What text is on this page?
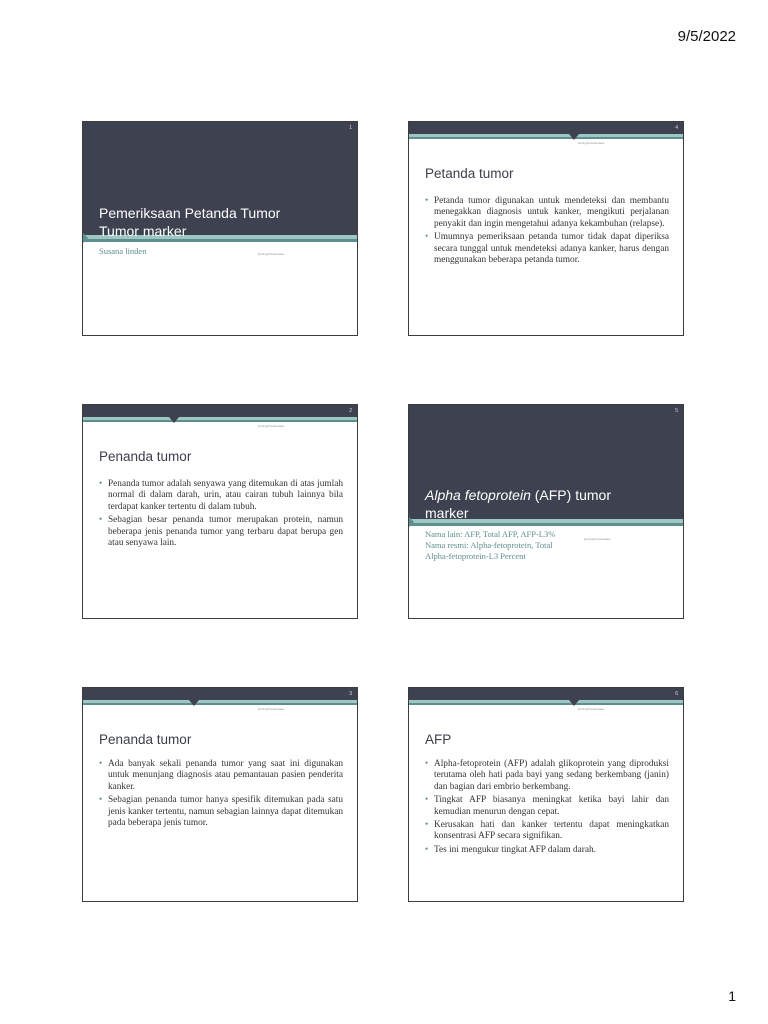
9/5/2022
1
Pemeriksaan Petanda Tumor
Tumor marker
Susana linden	prodi gizi kemenkes
4
prodi gizi kemenkes
Petanda tumor
• Petanda tumor digunakan untuk mendeteksi dan membantu menegakkan diagnosis untuk kanker, mengikuti perjalanan penyakit dan ingin mengetahui adanya kekambuhan (relapse).
• Umumnya pemeriksaan petanda tumor tidak dapat diperiksa secara tunggal untuk mendeteksi adanya kanker, harus dengan menggunakan beberapa petanda tumor.
2
prodi gizi kemenkes
Penanda tumor
• Penanda tumor adalah senyawa yang ditemukan di atas jumlah normal di dalam darah, urin, atau cairan tubuh lainnya bila terdapat kanker tertentu di dalam tubuh.
• Sebagian besar penanda tumor merupakan protein, namun beberapa jenis penanda tumor yang terbaru dapat berupa gen atau senyawa lain.
5
Alpha fetoprotein (AFP) tumor
marker
Nama lain: AFP, Total AFP, AFP-L3%
Nama resmi: Alpha-fetoprotein, Total
Alpha-fetoprotein-L3 Percent
prodi gizi kemenkes
3
prodi gizi kemenkes
Penanda tumor
• Ada banyak sekali penanda tumor yang saat ini digunakan untuk menunjang diagnosis atau pemantauan pasien penderita kanker.
• Sebagian penanda tumor hanya spesifik ditemukan pada satu jenis kanker tertentu, namun sebagian lainnya dapat ditemukan pada beberapa jenis tumor.
6
prodi gizi kemenkes
AFP
• Alpha-fetoprotein (AFP) adalah glikoprotein yang diproduksi terutama oleh hati pada bayi yang sedang berkembang (janin) dan bagian dari embrio berkembang.
• Tingkat AFP biasanya meningkat ketika bayi lahir dan kemudian menurun dengan cepat.
• Kerusakan hati dan kanker tertentu dapat meningkatkan konsentrasi AFP secara signifikan.
• Tes ini mengukur tingkat AFP dalam darah.
1
